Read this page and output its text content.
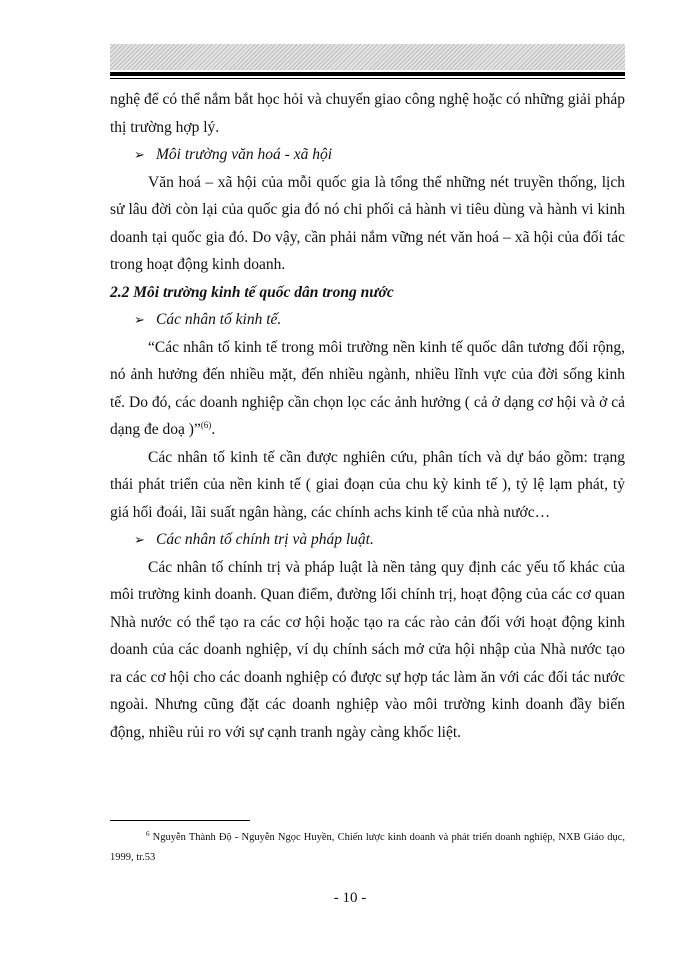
nghệ để có thể nắm bắt học hỏi và chuyển giao công nghệ hoặc có những giải pháp thị trường hợp lý.

➢ Môi trường văn hoá - xã hội

Văn hoá – xã hội của mỗi quốc gia là tổng thể những nét truyền thống, lịch sử lâu đời còn lại của quốc gia đó nó chi phối cả hành vi tiêu dùng và hành vi kinh doanh tại quốc gia đó. Do vậy, cần phải nắm vững nét văn hoá – xã hội của đối tác trong hoạt động kinh doanh.

2.2 Môi trường kinh tế quốc dân trong nước

➢ Các nhân tố kinh tế.

“Các nhân tố kinh tế trong môi trường nền kinh tế quốc dân tương đối rộng, nó ảnh hưởng đến nhiều mặt, đến nhiều ngành, nhiều lĩnh vực của đời sống kinh tế. Do đó, các doanh nghiệp cần chọn lọc các ảnh hưởng ( cả ở dạng cơ hội và ở cả dạng đe doạ )”$^{(6)}$.

Các nhân tố kinh tế cần được nghiên cứu, phân tích và dự báo gồm: trạng thái phát triển của nền kinh tế ( giai đoạn của chu kỳ kinh tế ), tỷ lệ lạm phát, tỷ giá hối đoái, lãi suất ngân hàng, các chính achs kinh tế của nhà nước…

➢ Các nhân tố chính trị và pháp luật.

Các nhân tố chính trị và pháp luật là nền tảng quy định các yếu tố khác của môi trường kinh doanh. Quan điểm, đường lối chính trị, hoạt động của các cơ quan Nhà nước có thể tạo ra các cơ hội hoặc tạo ra các rào cản đối với hoạt động kinh doanh của các doanh nghiệp, ví dụ chính sách mở cửa hội nhập của Nhà nước tạo ra các cơ hội cho các doanh nghiệp có được sự hợp tác làm ăn với các đối tác nước ngoài. Nhưng cũng đặt các doanh nghiệp vào môi trường kinh doanh đầy biến động, nhiều rủi ro với sự cạnh tranh ngày càng khốc liệt.

$^6$ Nguyễn Thành Độ - Nguyễn Ngọc Huyền, Chiến lược kinh doanh và phát triển doanh nghiệp, NXB Giáo dục, 1999, tr.53

- 10 -
